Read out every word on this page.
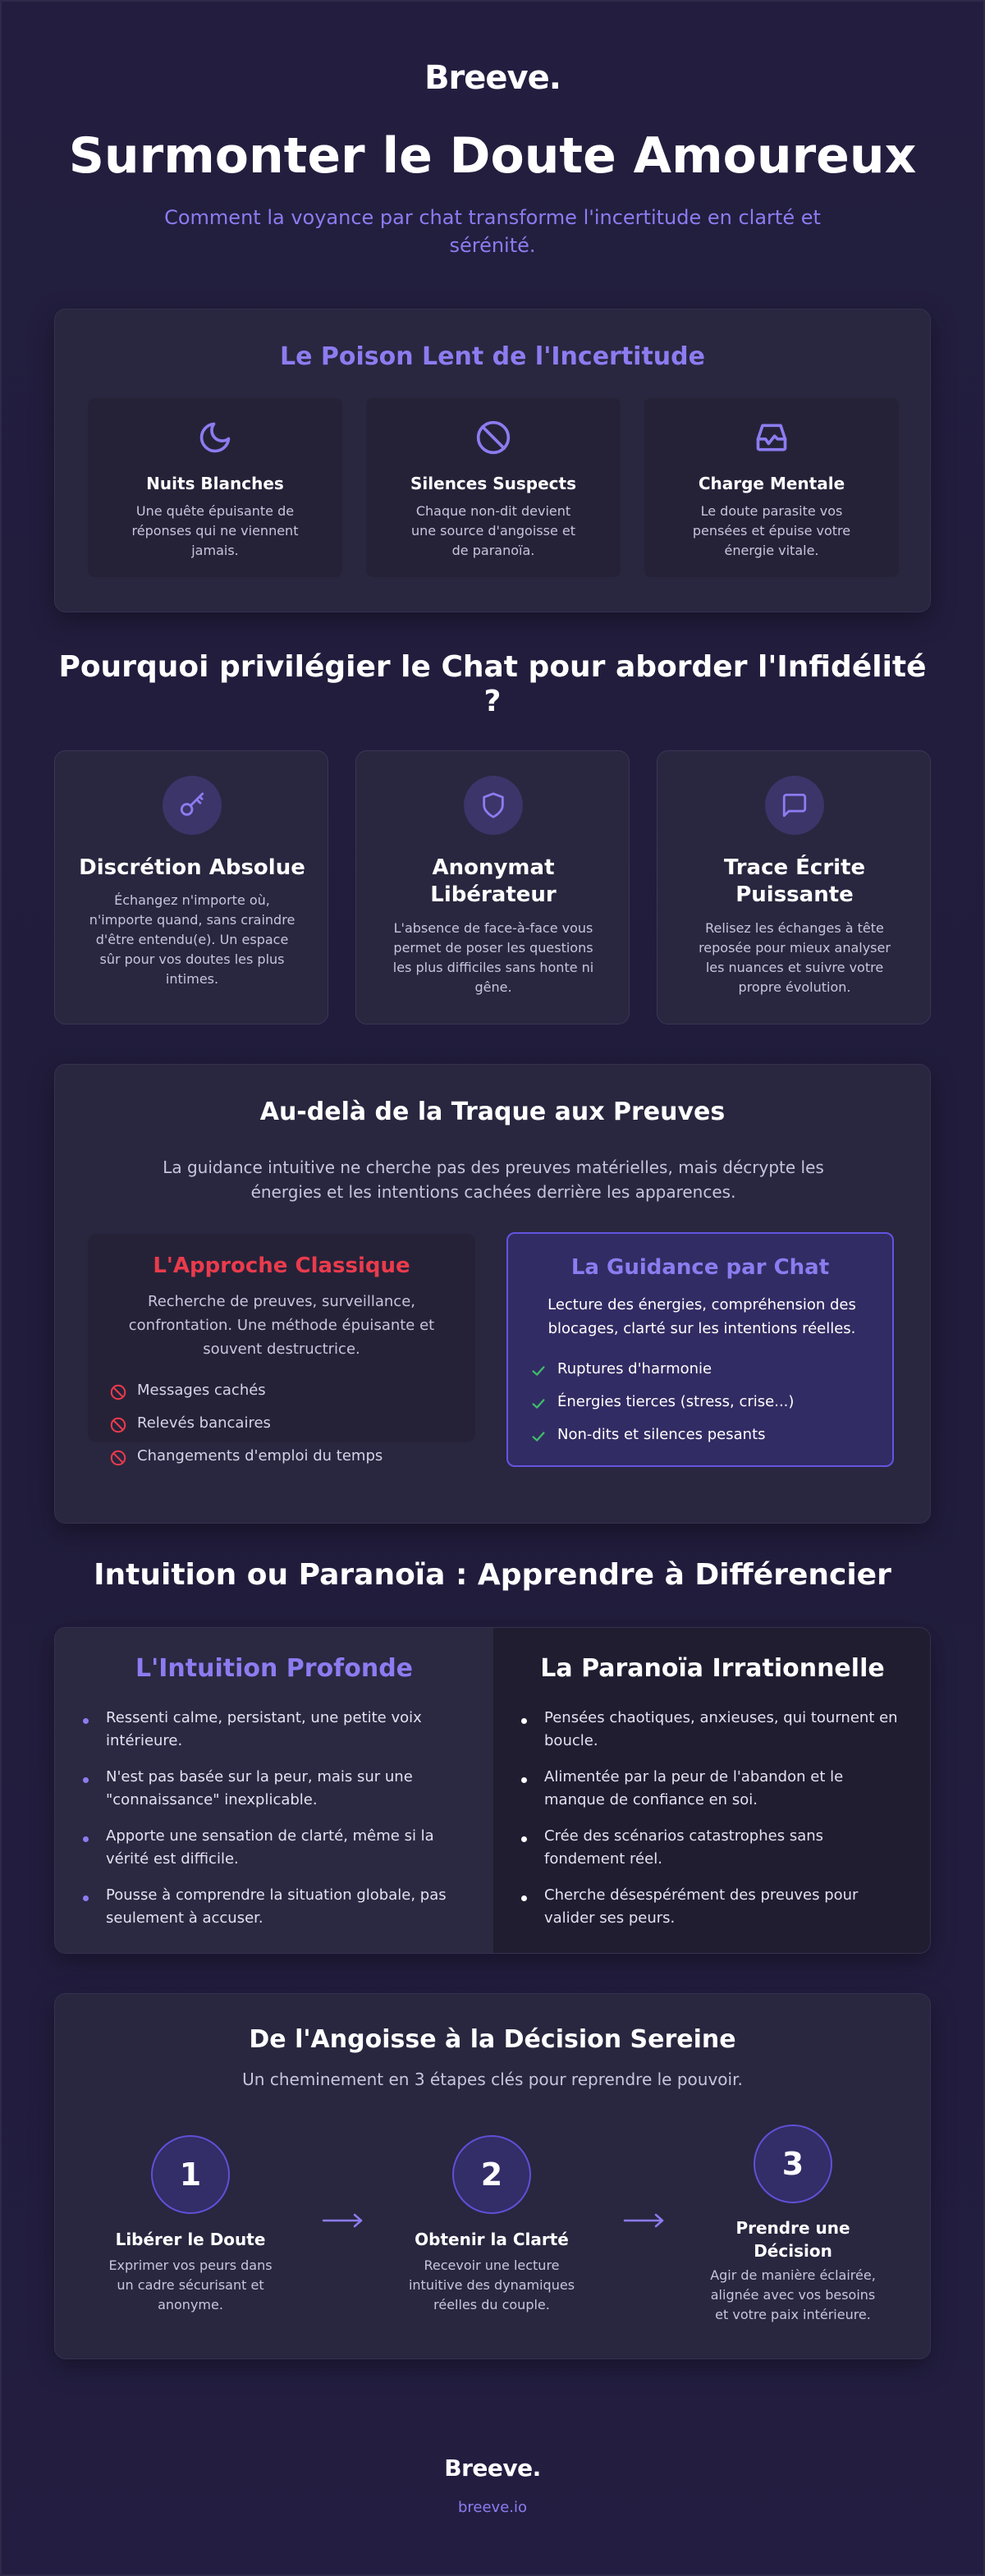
Breeve.
Surmonter le Doute Amoureux
Comment la voyance par chat transforme l'incertitude en clarté et sérénité.
Le Poison Lent de l'Incertitude
Nuits Blanches
Une quête épuisante de réponses qui ne viennent jamais.
Silences Suspects
Chaque non-dit devient une source d'angoisse et de paranoïa.
Charge Mentale
Le doute parasite vos pensées et épuise votre énergie vitale.
Pourquoi privilégier le Chat pour aborder l'Infidélité ?
Discrétion Absolue
Échangez n'importe où, n'importe quand, sans craindre d'être entendu(e). Un espace sûr pour vos doutes les plus intimes.
Anonymat Libérateur
L'absence de face-à-face vous permet de poser les questions les plus difficiles sans honte ni gêne.
Trace Écrite Puissante
Relisez les échanges à tête reposée pour mieux analyser les nuances et suivre votre propre évolution.
Au-delà de la Traque aux Preuves
La guidance intuitive ne cherche pas des preuves matérielles, mais décrypte les énergies et les intentions cachées derrière les apparences.
L'Approche Classique
Recherche de preuves, surveillance, confrontation. Une méthode épuisante et souvent destructrice.
Messages cachés
Relevés bancaires
Changements d'emploi du temps
La Guidance par Chat
Lecture des énergies, compréhension des blocages, clarté sur les intentions réelles.
Ruptures d'harmonie
Énergies tierces (stress, crise...)
Non-dits et silences pesants
Intuition ou Paranoïa : Apprendre à Différencier
L'Intuition Profonde
Ressenti calme, persistant, une petite voix intérieure.
N'est pas basée sur la peur, mais sur une "connaissance" inexplicable.
Apporte une sensation de clarté, même si la vérité est difficile.
Pousse à comprendre la situation globale, pas seulement à accuser.
La Paranoïa Irrationnelle
Pensées chaotiques, anxieuses, qui tournent en boucle.
Alimentée par la peur de l'abandon et le manque de confiance en soi.
Crée des scénarios catastrophes sans fondement réel.
Cherche désespérément des preuves pour valider ses peurs.
De l'Angoisse à la Décision Sereine
Un cheminement en 3 étapes clés pour reprendre le pouvoir.
1
Libérer le Doute
Exprimer vos peurs dans un cadre sécurisant et anonyme.
2
Obtenir la Clarté
Recevoir une lecture intuitive des dynamiques réelles du couple.
3
Prendre une Décision
Agir de manière éclairée, alignée avec vos besoins et votre paix intérieure.
Breeve.
breeve.io
